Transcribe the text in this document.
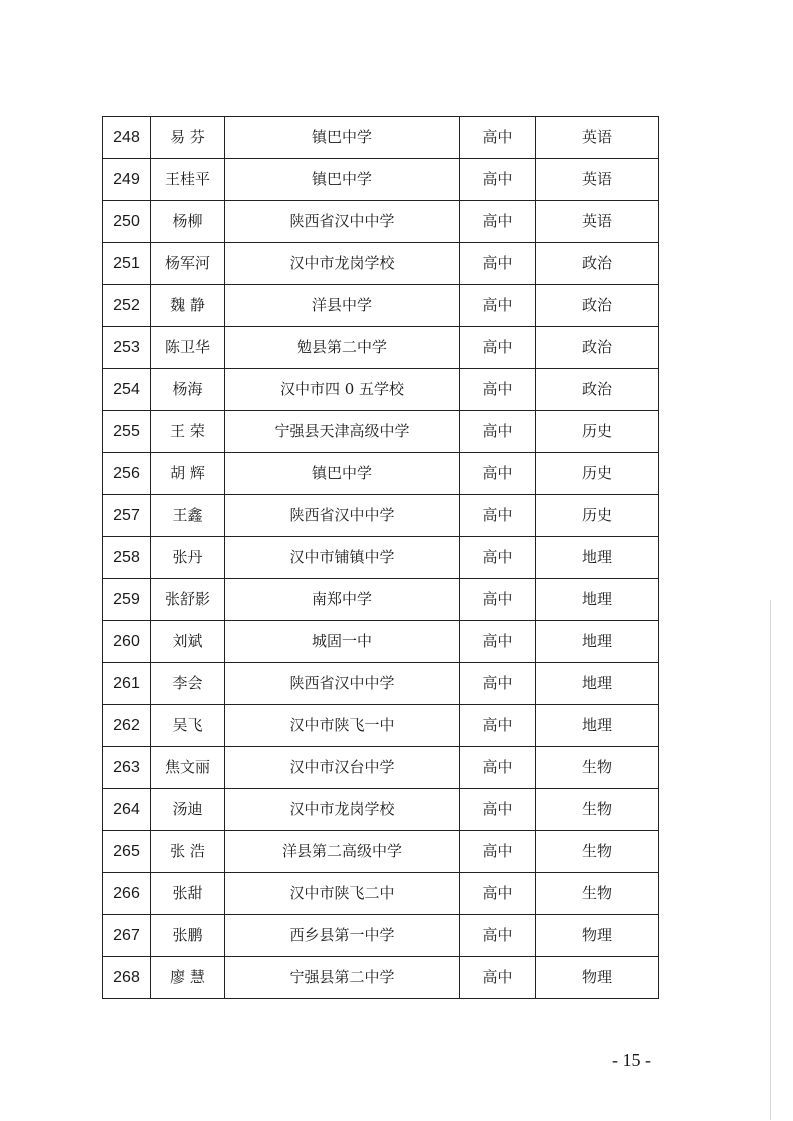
248	易 芬	镇巴中学	高中	英语
249	王桂平	镇巴中学	高中	英语
250	杨柳	陕西省汉中中学	高中	英语
251	杨军河	汉中市龙岗学校	高中	政治
252	魏 静	洋县中学	高中	政治
253	陈卫华	勉县第二中学	高中	政治
254	杨海	汉中市四 0 五学校	高中	政治
255	王 荣	宁强县天津高级中学	高中	历史
256	胡 辉	镇巴中学	高中	历史
257	王鑫	陕西省汉中中学	高中	历史
258	张丹	汉中市铺镇中学	高中	地理
259	张舒影	南郑中学	高中	地理
260	刘斌	城固一中	高中	地理
261	李会	陕西省汉中中学	高中	地理
262	吴飞	汉中市陕飞一中	高中	地理
263	焦文丽	汉中市汉台中学	高中	生物
264	汤迪	汉中市龙岗学校	高中	生物
265	张 浩	洋县第二高级中学	高中	生物
266	张甜	汉中市陕飞二中	高中	生物
267	张鹏	西乡县第一中学	高中	物理
268	廖 慧	宁强县第二中学	高中	物理
- 15 -
